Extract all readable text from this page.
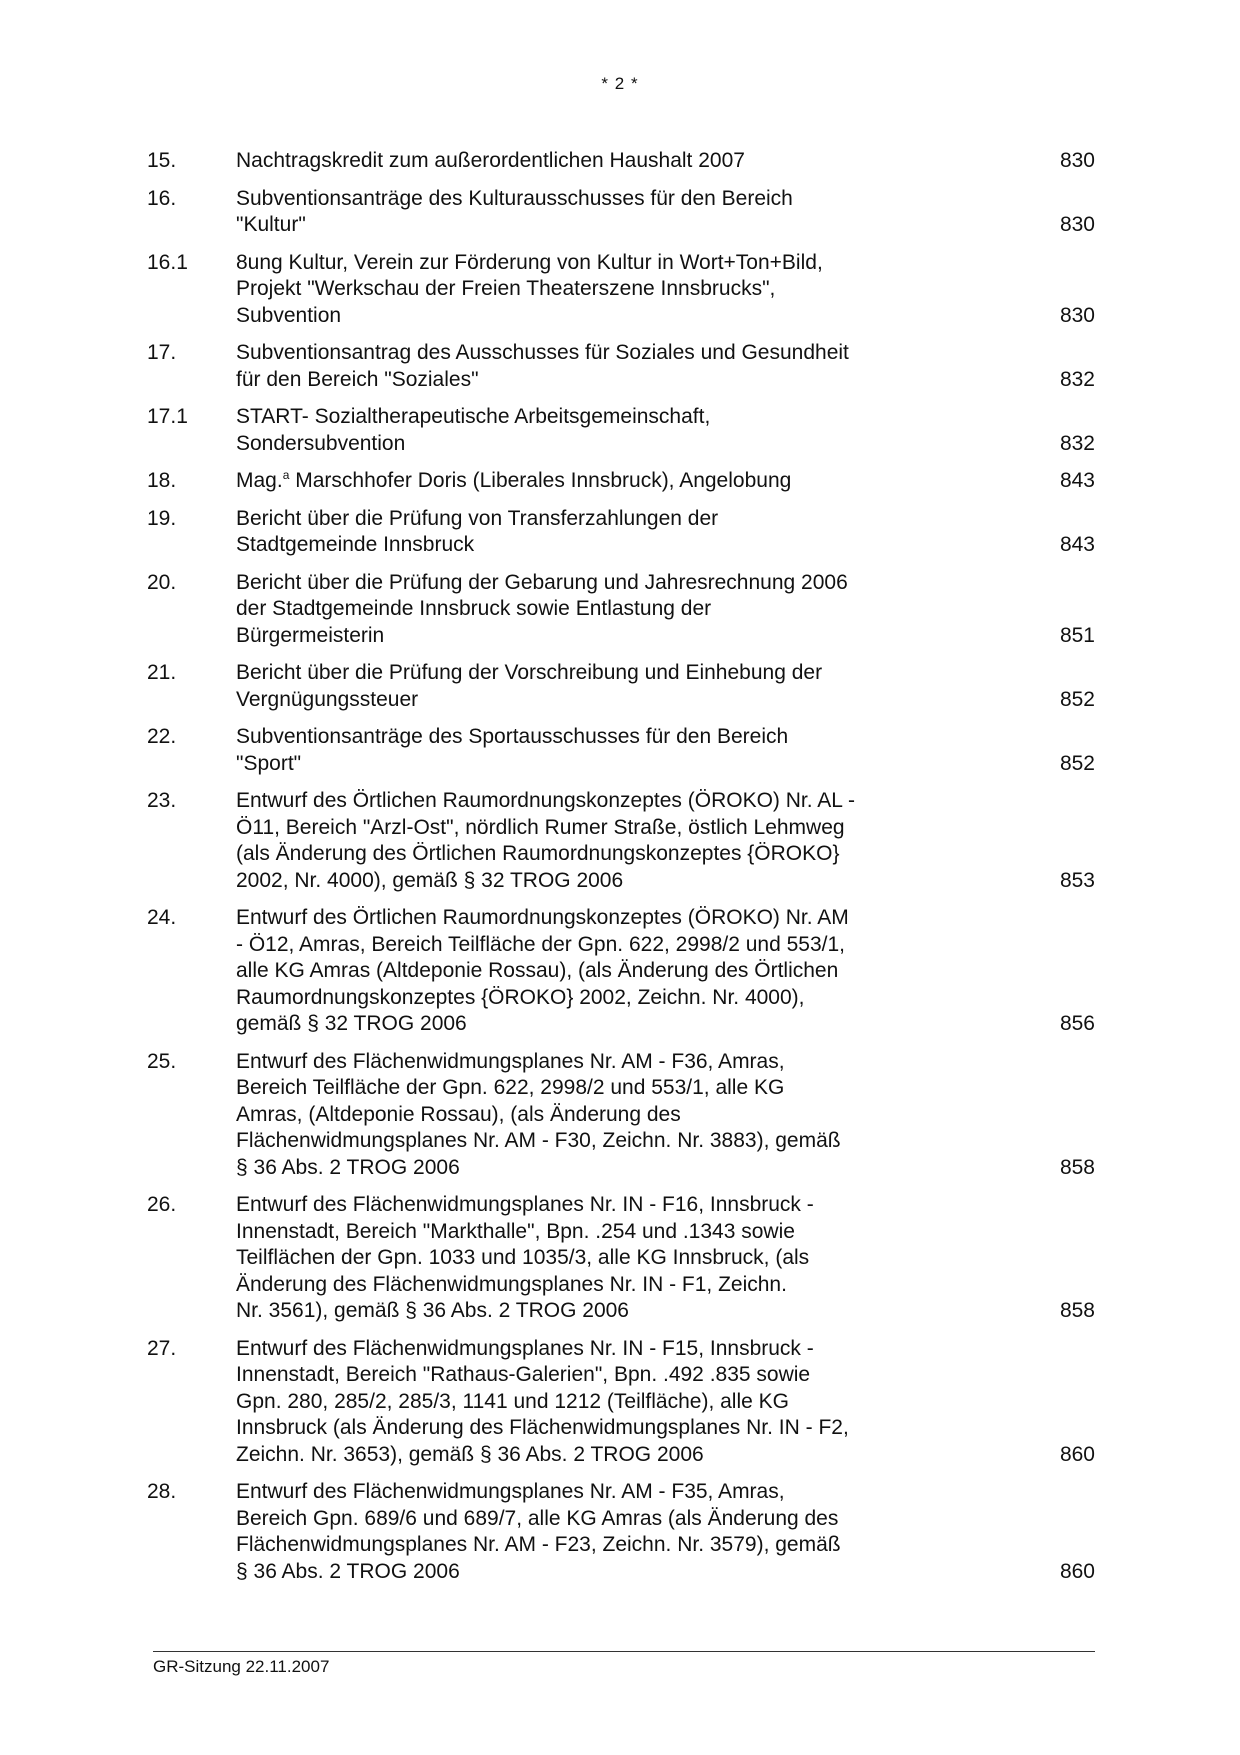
* 2 *
15.	Nachtragskredit zum außerordentlichen Haushalt 2007	830
16.	Subventionsanträge des Kulturausschusses für den Bereich
"Kultur"	830
16.1 8ung Kultur, Verein zur Förderung von Kultur in Wort+Ton+Bild,
Projekt "Werkschau der Freien Theaterszene Innsbrucks",
Subvention	830
17.	Subventionsantrag des Ausschusses für Soziales und Gesundheit
für den Bereich "Soziales"	832
17.1 START- Sozialtherapeutische Arbeitsgemeinschaft,
Sondersubvention	832
18.	Mag.$^a$ Marschhofer Doris (Liberales Innsbruck), Angelobung	843
19.	Bericht über die Prüfung von Transferzahlungen der
Stadtgemeinde Innsbruck	843
20.	Bericht über die Prüfung der Gebarung und Jahresrechnung 2006
der Stadtgemeinde Innsbruck sowie Entlastung der
Bürgermeisterin	851
21.	Bericht über die Prüfung der Vorschreibung und Einhebung der
Vergnügungssteuer	852
22.	Subventionsanträge des Sportausschusses für den Bereich
"Sport"	852
23.	Entwurf des Örtlichen Raumordnungskonzeptes (ÖROKO) Nr. AL -
Ö11, Bereich "Arzl-Ost", nördlich Rumer Straße, östlich Lehmweg
(als Änderung des Örtlichen Raumordnungskonzeptes {ÖROKO}
2002, Nr. 4000), gemäß § 32 TROG 2006	853
24.	Entwurf des Örtlichen Raumordnungskonzeptes (ÖROKO) Nr. AM
- Ö12, Amras, Bereich Teilfläche der Gpn. 622, 2998/2 und 553/1,
alle KG Amras (Altdeponie Rossau), (als Änderung des Örtlichen
Raumordnungskonzeptes {ÖROKO} 2002, Zeichn. Nr. 4000),
gemäß § 32 TROG 2006	856
25.	Entwurf des Flächenwidmungsplanes Nr. AM - F36, Amras,
Bereich Teilfläche der Gpn. 622, 2998/2 und 553/1, alle KG
Amras, (Altdeponie Rossau), (als Änderung des
Flächenwidmungsplanes Nr. AM - F30, Zeichn. Nr. 3883), gemäß
§ 36 Abs. 2 TROG 2006	858
26.	Entwurf des Flächenwidmungsplanes Nr. IN - F16, Innsbruck -
Innenstadt, Bereich "Markthalle", Bpn. .254 und .1343 sowie
Teilflächen der Gpn. 1033 und 1035/3, alle KG Innsbruck, (als
Änderung des Flächenwidmungsplanes Nr. IN - F1, Zeichn.
Nr. 3561), gemäß § 36 Abs. 2 TROG 2006	858
27.	Entwurf des Flächenwidmungsplanes Nr. IN - F15, Innsbruck -
Innenstadt, Bereich "Rathaus-Galerien", Bpn. .492 .835 sowie
Gpn. 280, 285/2, 285/3, 1141 und 1212 (Teilfläche), alle KG
Innsbruck (als Änderung des Flächenwidmungsplanes Nr. IN - F2,
Zeichn. Nr. 3653), gemäß § 36 Abs. 2 TROG 2006	860
28.	Entwurf des Flächenwidmungsplanes Nr. AM - F35, Amras,
Bereich Gpn. 689/6 und 689/7, alle KG Amras (als Änderung des
Flächenwidmungsplanes Nr. AM - F23, Zeichn. Nr. 3579), gemäß
§ 36 Abs. 2 TROG 2006	860
GR-Sitzung 22.11.2007
